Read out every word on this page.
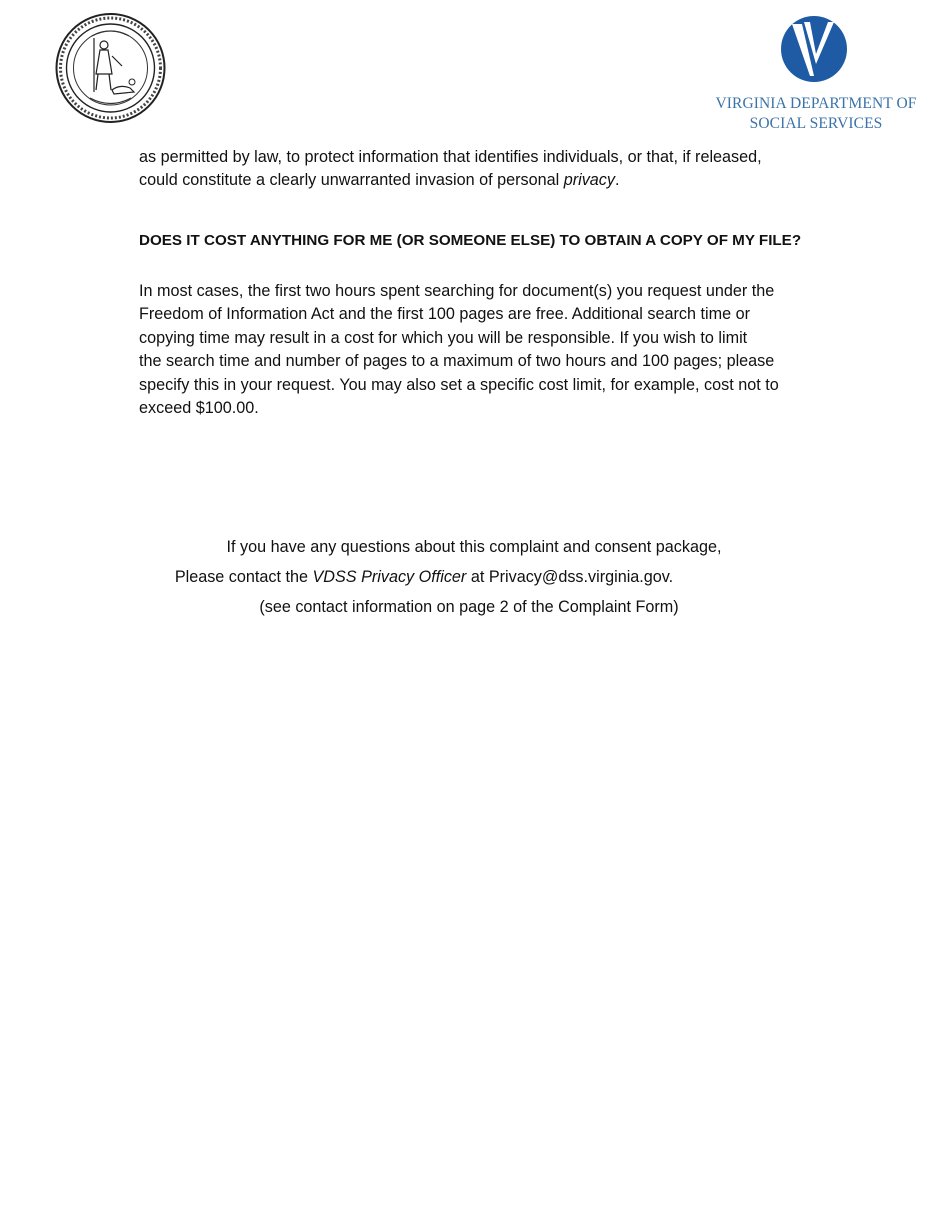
VIRGINIA DEPARTMENT OF
SOCIAL SERVICES
as permitted by law, to protect information that identifies individuals, or that, if released,
could constitute a clearly unwarranted invasion of personal privacy.
DOES IT COST ANYTHING FOR ME (OR SOMEONE ELSE) TO OBTAIN A COPY OF MY FILE?
In most cases, the first two hours spent searching for document(s) you request under the
Freedom of Information Act and the first 100 pages are free. Additional search time or
copying time may result in a cost for which you will be responsible. If you wish to limit
the search time and number of pages to a maximum of two hours and 100 pages; please
specify this in your request. You may also set a specific cost limit, for example, cost not to
exceed $100.00.
If you have any questions about this complaint and consent package,
Please contact the VDSS Privacy Officer at Privacy@dss.virginia.gov.
(see contact information on page 2 of the Complaint Form)
